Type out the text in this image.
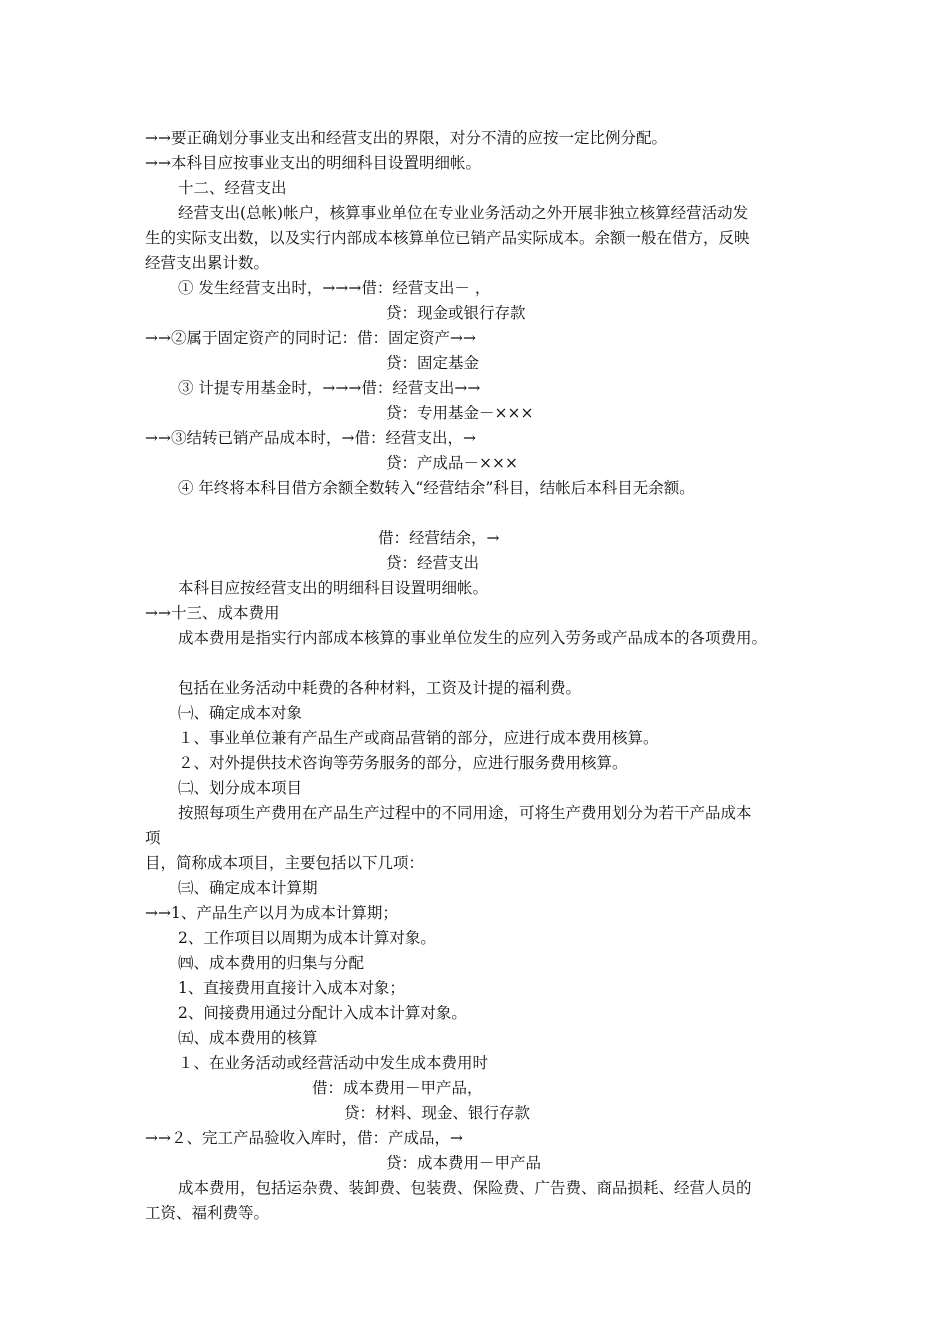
→→要正确划分事业支出和经营支出的界限，对分不清的应按一定比例分配。

→→本科目应按事业支出的明细科目设置明细帐。

十二、经营支出

经营支出(总帐)帐户，核算事业单位在专业业务活动之外开展非独立核算经营活动发

生的实际支出数，以及实行内部成本核算单位已销产品实际成本。余额一般在借方，反映

经营支出累计数。

① 发生经营支出时，→→→借：经营支出－ ，

贷：现金或银行存款

→→②属于固定资产的同时记：借：固定资产→→

贷：固定基金

③ 计提专用基金时，→→→借：经营支出→→

贷：专用基金－×××

→→③结转已销产品成本时，→借：经营支出，→

贷：产成品－×××

④ 年终将本科目借方余额全数转入“经营结余”科目，结帐后本科目无余额。

借：经营结余，→

贷：经营支出

本科目应按经营支出的明细科目设置明细帐。

→→十三、成本费用

成本费用是指实行内部成本核算的事业单位发生的应列入劳务或产品成本的各项费用。

包括在业务活动中耗费的各种材料，工资及计提的福利费。

㈠、确定成本对象

１、事业单位兼有产品生产或商品营销的部分，应进行成本费用核算。

２、对外提供技术咨询等劳务服务的部分，应进行服务费用核算。

㈡、划分成本项目

按照每项生产费用在产品生产过程中的不同用途，可将生产费用划分为若干产品成本

项

目，简称成本项目，主要包括以下几项：

㈢、确定成本计算期

→→1、产品生产以月为成本计算期；

2、工作项目以周期为成本计算对象。

㈣、成本费用的归集与分配

1、直接费用直接计入成本对象；

2、间接费用通过分配计入成本计算对象。

㈤、成本费用的核算

１、在业务活动或经营活动中发生成本费用时

借：成本费用－甲产品，

贷：材料、现金、银行存款

→→２、完工产品验收入库时，借：产成品，→

贷：成本费用－甲产品

成本费用，包括运杂费、装卸费、包装费、保险费、广告费、商品损耗、经营人员的

工资、福利费等。
